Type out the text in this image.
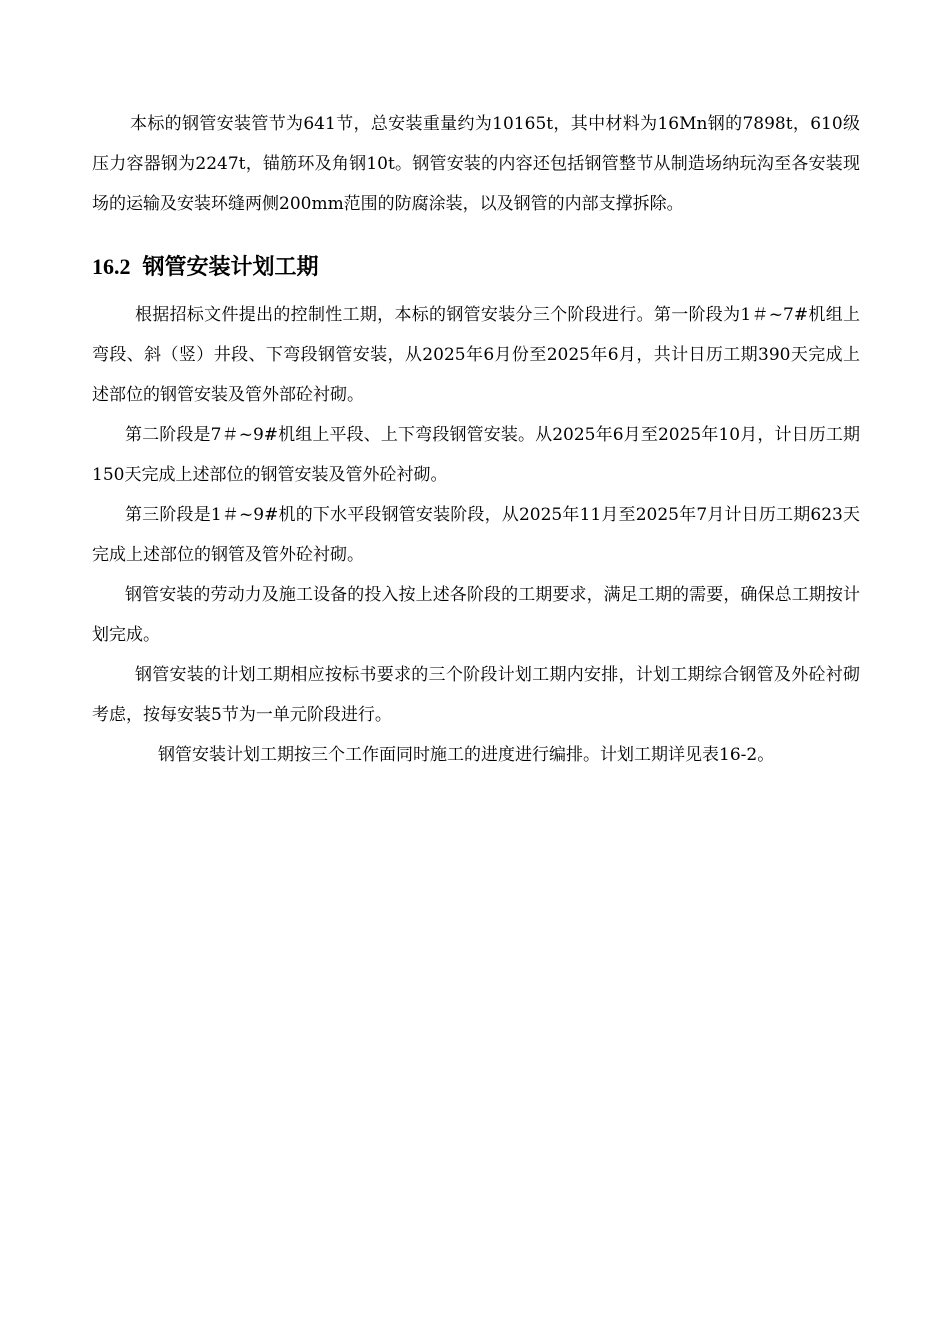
本标的钢管安装管节为641节，总安装重量约为10165t，其中材料为16Mn钢的7898t，610级压力容器钢为2247t，锚筋环及角钢10t。钢管安装的内容还包括钢管整节从制造场纳玩沟至各安装现场的运输及安装环缝两侧200mm范围的防腐涂装，以及钢管的内部支撑拆除。

16.2 钢管安装计划工期

根据招标文件提出的控制性工期，本标的钢管安装分三个阶段进行。第一阶段为1＃~7#机组上弯段、斜（竖）井段、下弯段钢管安装，从2025年6月份至2025年6月，共计日历工期390天完成上述部位的钢管安装及管外部砼衬砌。

第二阶段是7＃~9#机组上平段、上下弯段钢管安装。从2025年6月至2025年10月，计日历工期150天完成上述部位的钢管安装及管外砼衬砌。

第三阶段是1＃~9#机的下水平段钢管安装阶段，从2025年11月至2025年7月计日历工期623天完成上述部位的钢管及管外砼衬砌。

钢管安装的劳动力及施工设备的投入按上述各阶段的工期要求，满足工期的需要，确保总工期按计划完成。

钢管安装的计划工期相应按标书要求的三个阶段计划工期内安排，计划工期综合钢管及外砼衬砌考虑，按每安装5节为一单元阶段进行。

钢管安装计划工期按三个工作面同时施工的进度进行编排。计划工期详见表16-2。
